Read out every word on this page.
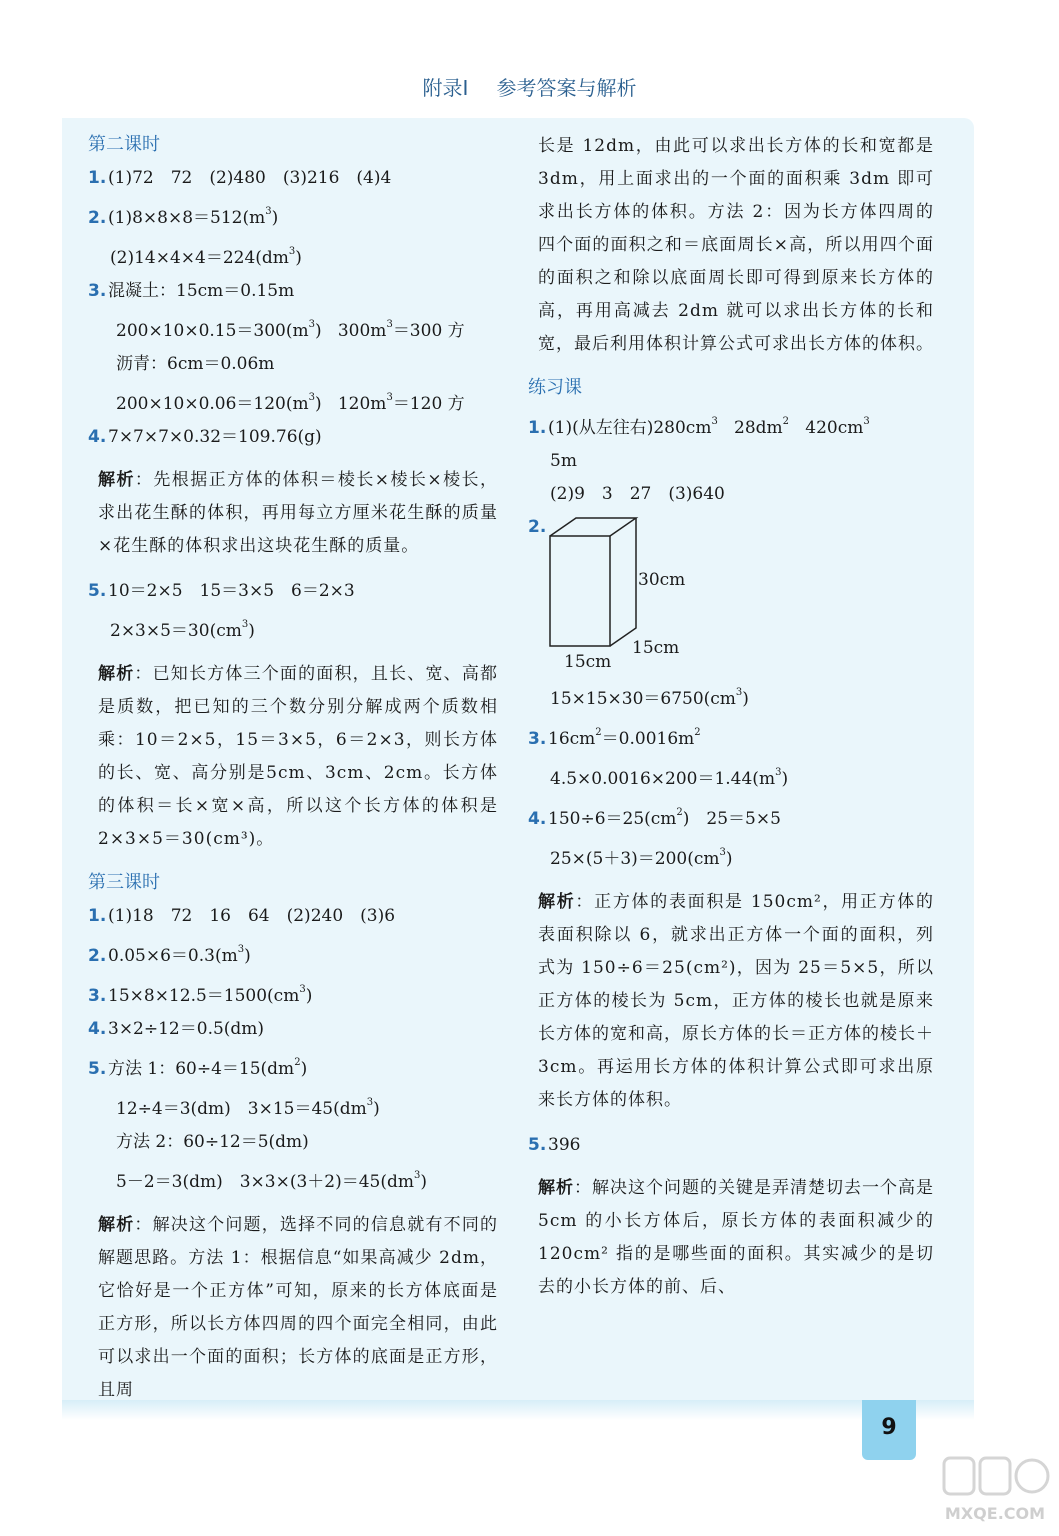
附录Ⅰ 参考答案与解析
第二课时
1. (1)72　72　(2)480　(3)216　(4)4
2. $(1)8\times 8\times 8=512(m^3)$
$(2)14\times 4\times 4=224(dm^3)$
3. 混凝土：15cm＝0.15m
$200\times 10\times 0.15=300(m^3)$ $300m^3=300$ 方
沥青：6cm＝0.06m
$200\times 10\times 0.06=120(m^3)$ $120m^3=120$ 方
4. 7×7×7×0.32＝109.76(g)
解析：先根据正方体的体积＝棱长×棱长×棱长，求出花生酥的体积，再用每立方厘米花生酥的质量×花生酥的体积求出这块花生酥的质量。
5. 10＝2×5　15＝3×5　6＝2×3
$2\times 3\times 5=30(cm^3)$
解析：已知长方体三个面的面积，且长、宽、高都是质数，把已知的三个数分别分解成两个质数相乘：10＝2×5，15＝3×5，6＝2×3，则长方体的长、宽、高分别是5cm、3cm、2cm。长方体的体积＝长×宽×高，所以这个长方体的体积是 2×3×5＝30(cm³)。
第三课时
1. (1)18　72　16　64　(2)240　(3)6
2. $0.05\times 6=0.3(m^3)$
3. $15\times 8\times 12.5=1500(cm^3)$
4. 3×2÷12＝0.5(dm)
5. 方法 1：$60\div 4=15(dm^2)$
12÷4＝3(dm)　$3\times 15=45(dm^3)$
方法 2：60÷12＝5(dm)
5－2＝3(dm)　$3\times 3\times(3+2)=45(dm^3)$
解析：解决这个问题，选择不同的信息就有不同的解题思路。方法 1：根据信息“如果高减少 2dm，它恰好是一个正方体”可知，原来的长方体底面是正方形，所以长方体四周的四个面完全相同，由此可以求出一个面的面积；长方体的底面是正方形，且周
长是 12dm，由此可以求出长方体的长和宽都是 3dm，用上面求出的一个面的面积乘 3dm 即可求出长方体的体积。方法 2：因为长方体四周的四个面的面积之和＝底面周长×高，所以用四个面的面积之和除以底面周长即可得到原来长方体的高，再用高减去 2dm 就可以求出长方体的长和宽，最后利用体积计算公式可求出长方体的体积。
练习课
1. (1)(从左往右)$280cm^3$ $28dm^2$ $420cm^3$
5m
(2)9　3　27　(3)640
2.
30cm
15cm
15cm
$15\times 15\times 30=6750(cm^3)$
3. $16cm^2=0.0016m^2$
$4.5\times 0.0016\times 200=1.44(m^3)$
4. $150\div 6=25(cm^2)$　25＝5×5
$25\times(5+3)=200(cm^3)$
解析：正方体的表面积是 150cm²，用正方体的表面积除以 6，就求出正方体一个面的面积，列式为 150÷6＝25(cm²)，因为 25＝5×5，所以正方体的棱长为 5cm，正方体的棱长也就是原来长方体的宽和高，原长方体的长＝正方体的棱长＋3cm。再运用长方体的体积计算公式即可求出原来长方体的体积。
5. 396
解析：解决这个问题的关键是弄清楚切去一个高是 5cm 的小长方体后，原长方体的表面积减少的 120cm² 指的是哪些面的面积。其实减少的是切去的小长方体的前、后、
9
MXQE.COM
